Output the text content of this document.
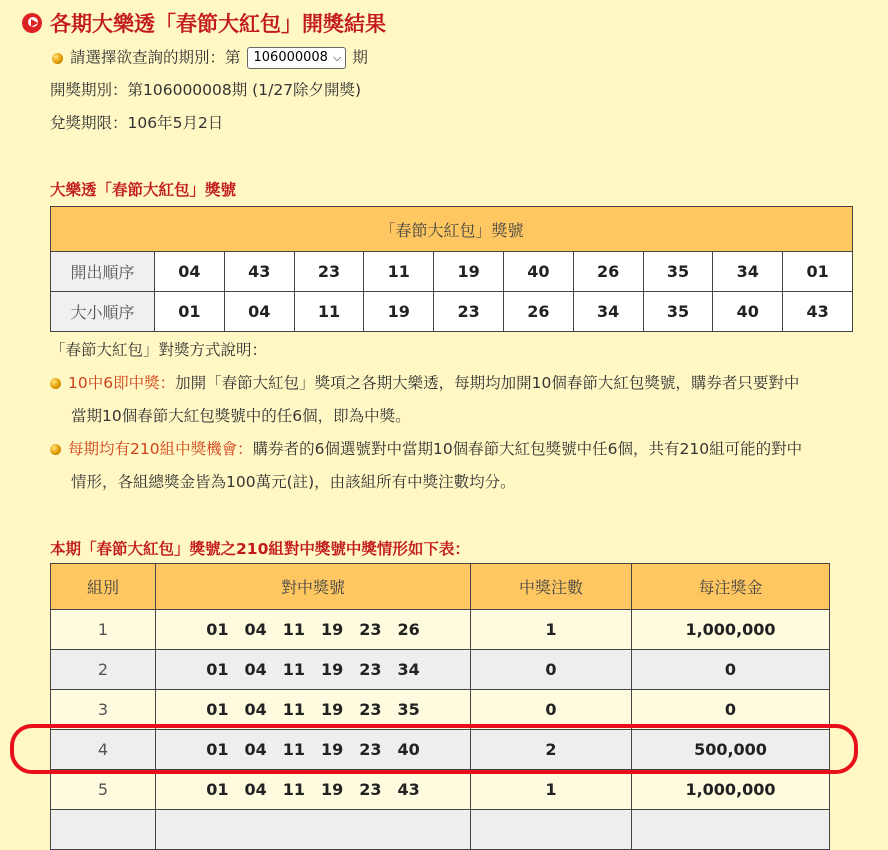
各期大樂透「春節大紅包」開獎結果
請選擇欲查詢的期別：第 106000008 ⌵ 期
開獎期別：第106000008期 (1/27除夕開獎)
兌獎期限：106年5月2日
大樂透「春節大紅包」獎號
「春節大紅包」獎號										
開出順序	04	43	23	11	19	40	26	35	34	01
大小順序	01	04	11	19	23	26	34	35	40	43
「春節大紅包」對獎方式說明：
10中6即中獎：加開「春節大紅包」獎項之各期大樂透，每期均加開10個春節大紅包獎號，購券者只要對中
當期10個春節大紅包獎號中的任6個，即為中獎。
每期均有210組中獎機會：購券者的6個選號對中當期10個春節大紅包獎號中任6個，共有210組可能的對中
情形，各組總獎金皆為100萬元(註)，由該組所有中獎注數均分。
本期「春節大紅包」獎號之210組對中獎號中獎情形如下表：
組別	對中獎號	中獎注數	每注獎金
1	01 04 11 19 23 26	1	1,000,000
2	01 04 11 19 23 34	0	0
3	01 04 11 19 23 35	0	0
4	01 04 11 19 23 40	2	500,000
5	01 04 11 19 23 43	1	1,000,000
